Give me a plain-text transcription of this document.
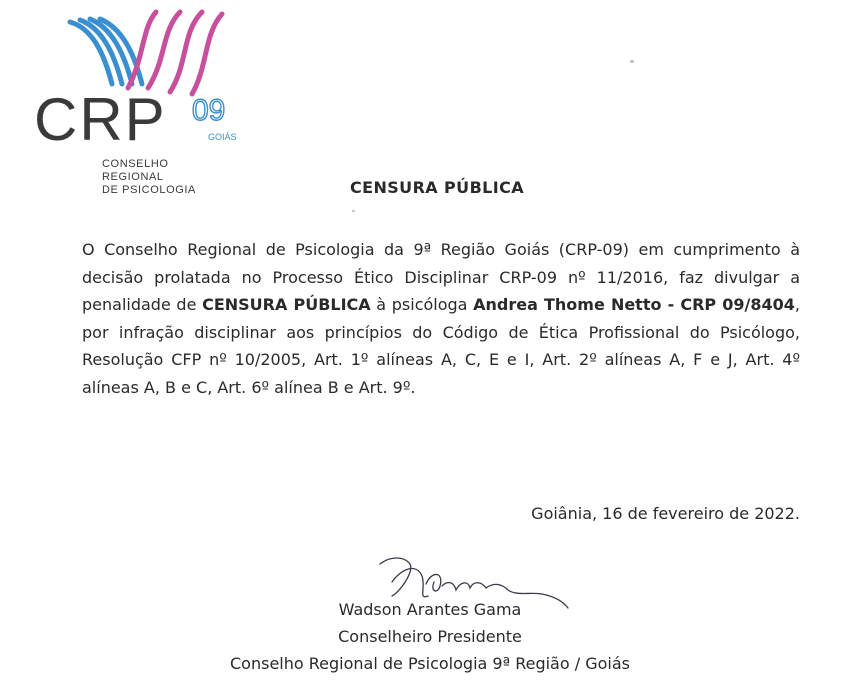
CRP 09
GOIÁS
CONSELHO
REGIONAL
DE PSICOLOGIA	CENSURA PÚBLICA

O Conselho Regional de Psicologia da 9ª Região Goiás (CRP-09) em cumprimento à decisão prolatada no Processo Ético Disciplinar CRP-09 nº 11/2016, faz divulgar a penalidade de CENSURA PÚBLICA à psicóloga Andrea Thome Netto - CRP 09/8404, por infração disciplinar aos princípios do Código de Ética Profissional do Psicólogo, Resolução CFP nº 10/2005, Art. 1º alíneas A, C, E e I, Art. 2º alíneas A, F e J, Art. 4º alíneas A, B e C, Art. 6º alínea B e Art. 9º.

Goiânia, 16 de fevereiro de 2022.
Wadson Arantes Gama
Conselheiro Presidente
Conselho Regional de Psicologia 9ª Região / Goiás
